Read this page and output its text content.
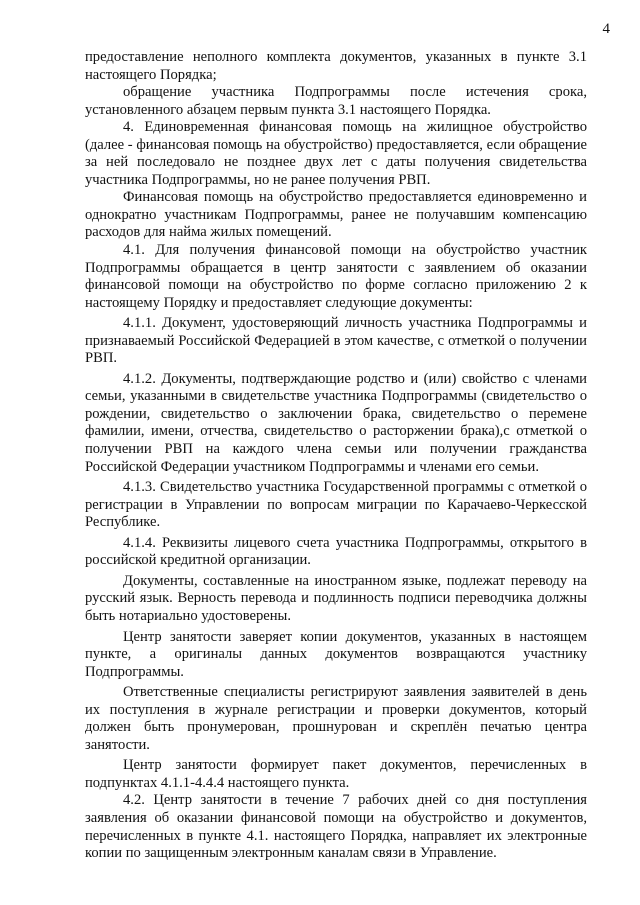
4

предоставление неполного комплекта документов, указанных в пункте 3.1 настоящего Порядка;

обращение участника Подпрограммы после истечения срока, установленного абзацем первым пункта 3.1 настоящего Порядка.

4. Единовременная финансовая помощь на жилищное обустройство (далее - финансовая помощь на обустройство) предоставляется, если обращение за ней последовало не позднее двух лет с даты получения свидетельства участника Подпрограммы, но не ранее получения РВП.

Финансовая помощь на обустройство предоставляется единовременно и однократно участникам Подпрограммы, ранее не получавшим компенсацию расходов для найма жилых помещений.

4.1. Для получения финансовой помощи на обустройство участник Подпрограммы обращается в центр занятости с заявлением об оказании финансовой помощи на обустройство по форме согласно приложению 2 к настоящему Порядку и предоставляет следующие документы:

4.1.1. Документ, удостоверяющий личность участника Подпрограммы и признаваемый Российской Федерацией в этом качестве, с отметкой о получении РВП.

4.1.2. Документы, подтверждающие родство и (или) свойство с членами семьи, указанными в свидетельстве участника Подпрограммы (свидетельство о рождении, свидетельство о заключении брака, свидетельство о перемене фамилии, имени, отчества, свидетельство о расторжении брака),с отметкой о получении РВП на каждого члена семьи или получении гражданства Российской Федерации участником Подпрограммы и членами его семьи.

4.1.3. Свидетельство участника Государственной программы с отметкой о регистрации в Управлении по вопросам миграции по Карачаево-Черкесской Республике.

4.1.4. Реквизиты лицевого счета участника Подпрограммы, открытого в российской кредитной организации.

Документы, составленные на иностранном языке, подлежат переводу на русский язык. Верность перевода и подлинность подписи переводчика должны быть нотариально удостоверены.

Центр занятости заверяет копии документов, указанных в настоящем пункте, а оригиналы данных документов возвращаются участнику Подпрограммы.

Ответственные специалисты регистрируют заявления заявителей в день их поступления в журнале регистрации и проверки документов, который должен быть пронумерован, прошнурован и скреплён печатью центра занятости.

Центр занятости формирует пакет документов, перечисленных в подпунктах 4.1.1-4.4.4 настоящего пункта.

4.2. Центр занятости в течение 7 рабочих дней со дня поступления заявления об оказании финансовой помощи на обустройство и документов, перечисленных в пункте 4.1. настоящего Порядка, направляет их электронные копии по защищенным электронным каналам связи в Управление.
